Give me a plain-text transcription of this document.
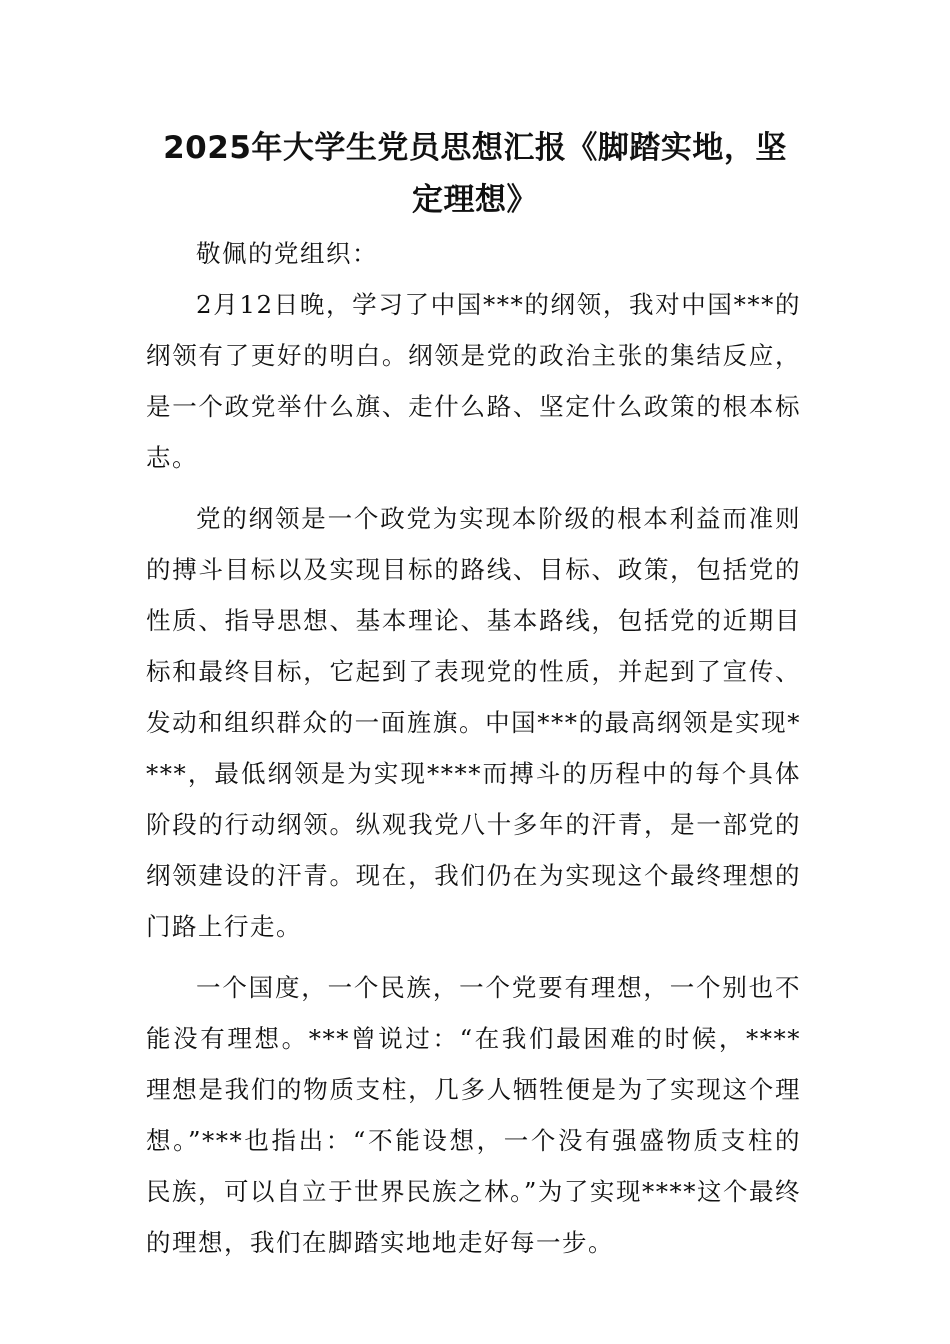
2025年大学生党员思想汇报《脚踏实地，坚定理想》

敬佩的党组织：

2月12日晚，学习了中国***的纲领，我对中国***的纲领有了更好的明白。纲领是党的政治主张的集结反应，是一个政党举什么旗、走什么路、坚定什么政策的根本标志。

党的纲领是一个政党为实现本阶级的根本利益而准则的搏斗目标以及实现目标的路线、目标、政策，包括党的性质、指导思想、基本理论、基本路线，包括党的近期目标和最终目标，它起到了表现党的性质，并起到了宣传、发动和组织群众的一面旌旗。中国***的最高纲领是实现****，最低纲领是为实现****而搏斗的历程中的每个具体阶段的行动纲领。纵观我党八十多年的汗青，是一部党的纲领建设的汗青。现在，我们仍在为实现这个最终理想的门路上行走。

一个国度，一个民族，一个党要有理想，一个别也不能没有理想。***曾说过：“在我们最困难的时候，****理想是我们的物质支柱，几多人牺牲便是为了实现这个理想。”***也指出：“不能设想，一个没有强盛物质支柱的民族，可以自立于世界民族之林。”为了实现****这个最终的理想，我们在脚踏实地地走好每一步。
